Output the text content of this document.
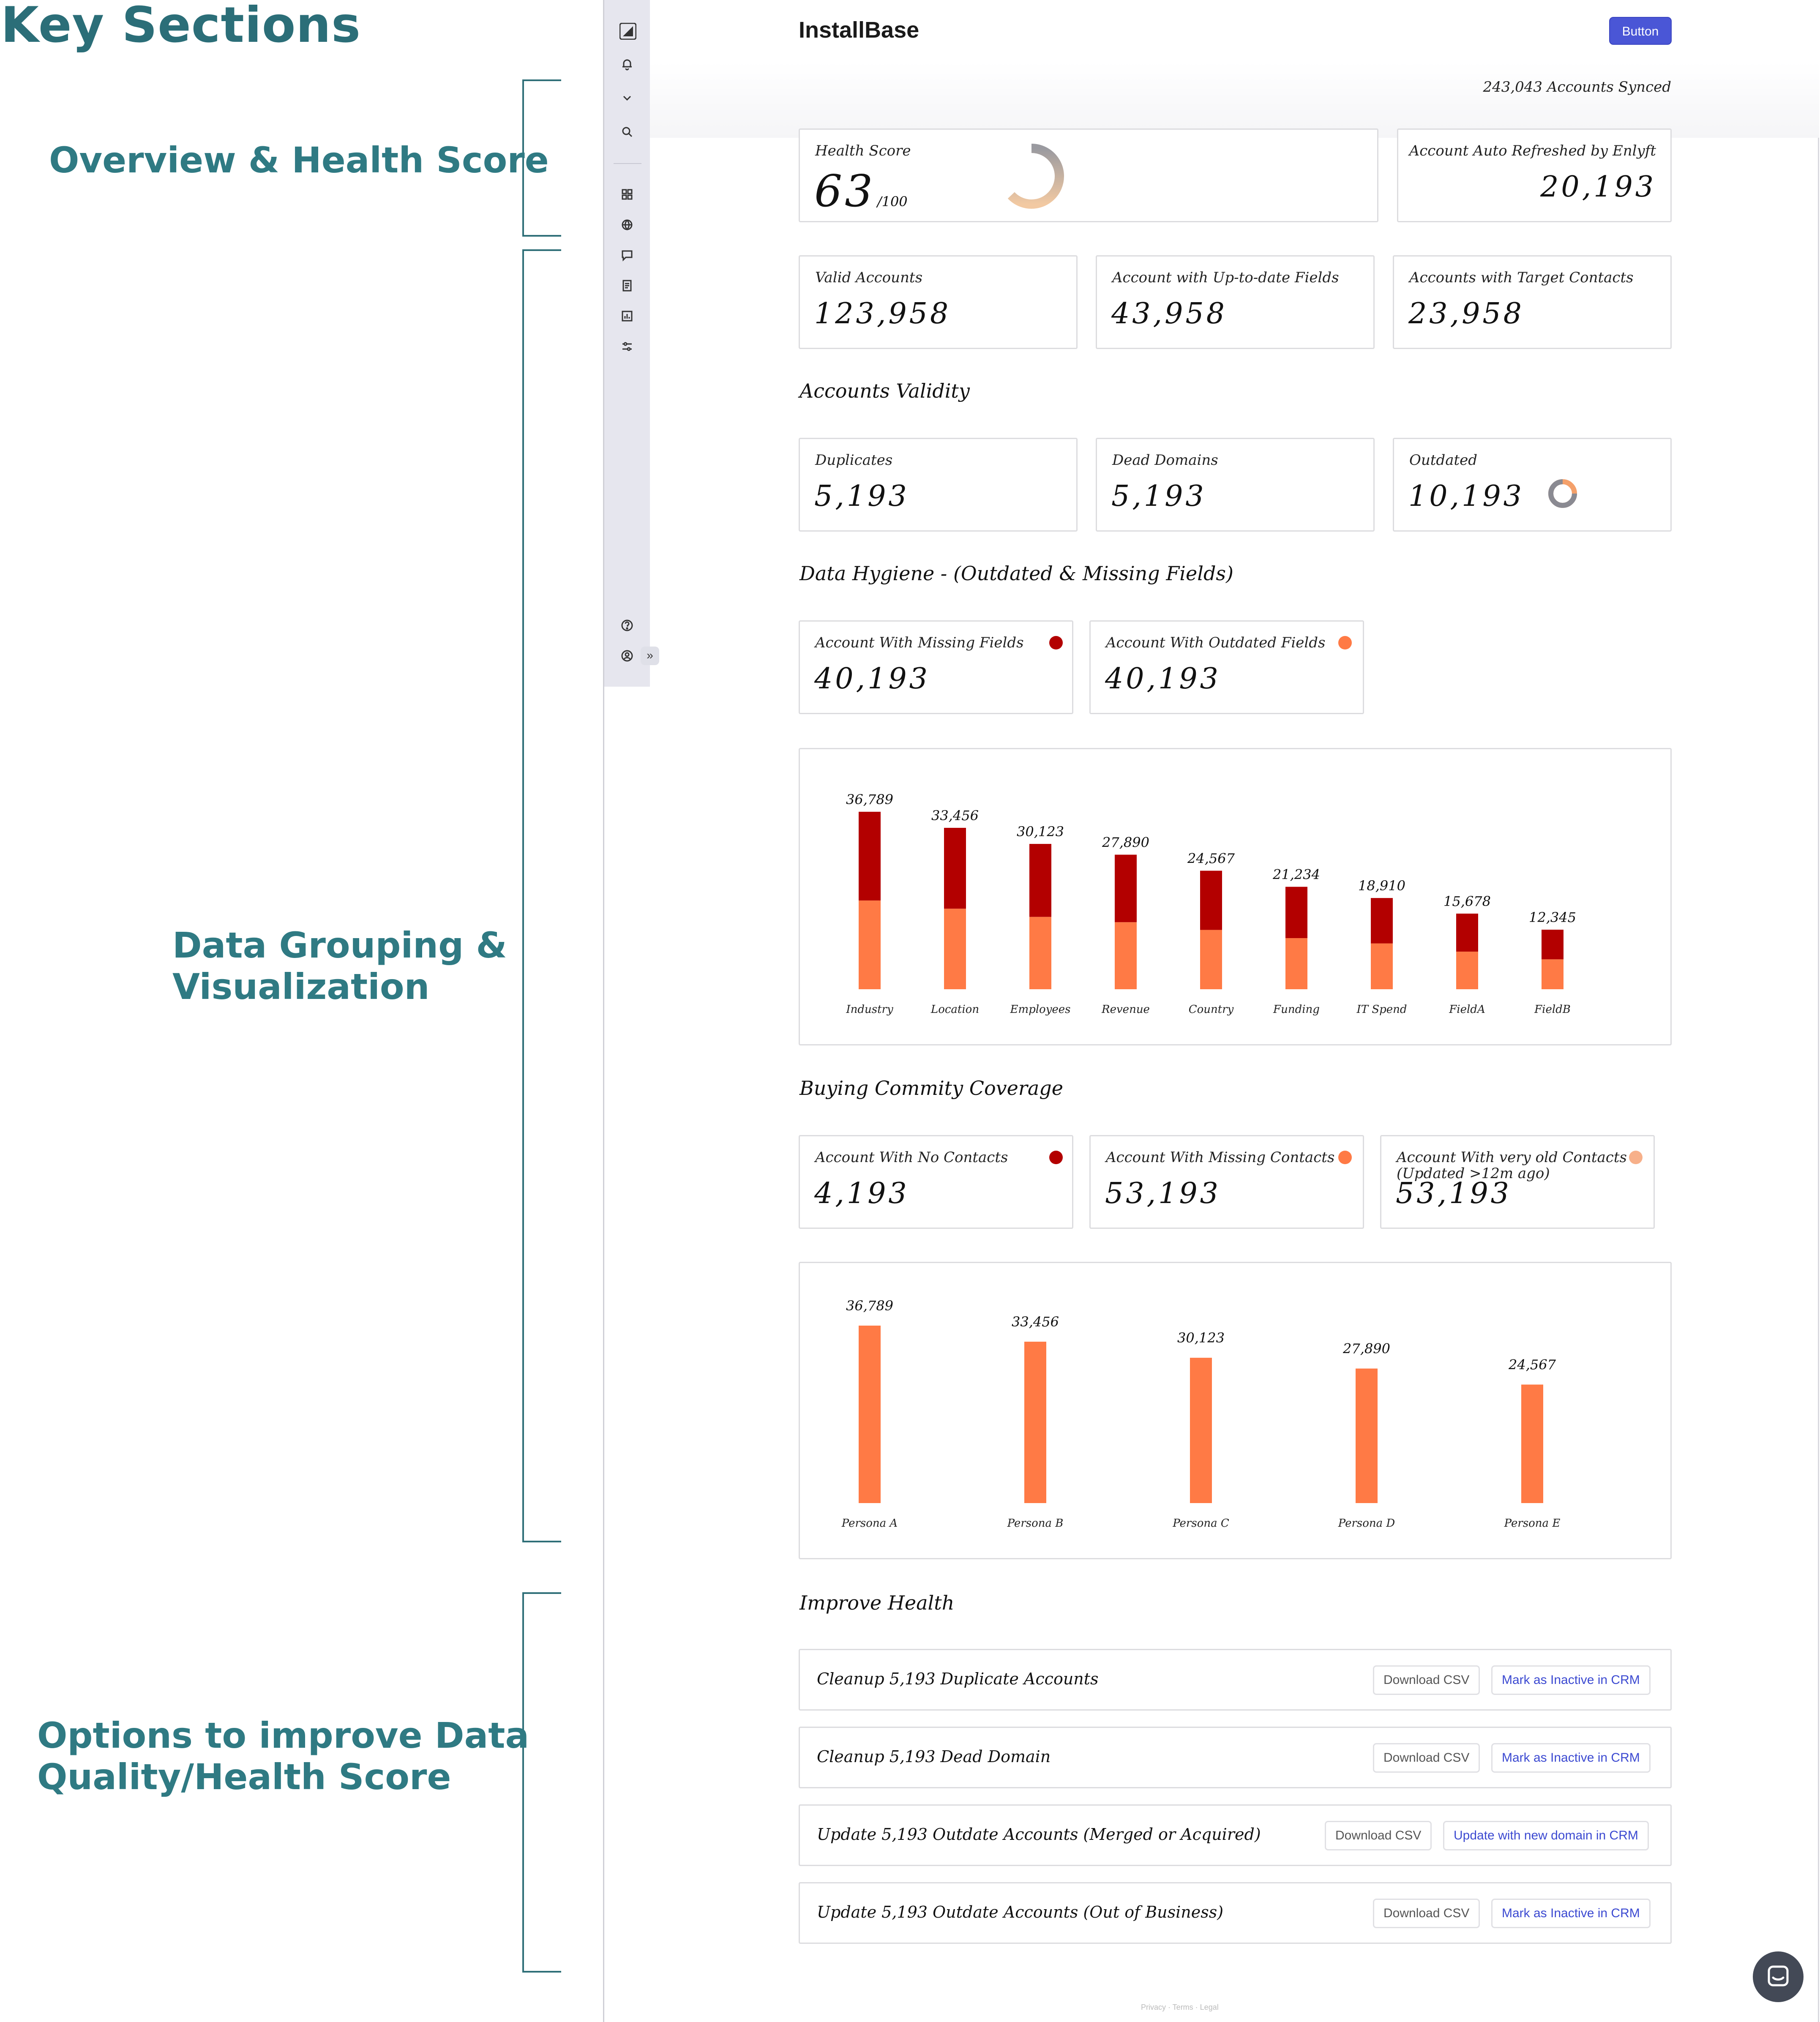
Key Sections
Overview & Health Score
Data Grouping &
Visualization
Options to improve Data
Quality/Health Score
»
InstallBase	Button
243,043 Accounts Synced
Health Score
63 /100
Account Auto Refreshed by Enlyft
20,193
Valid Accounts
123,958
Account with Up-to-date Fields
43,958
Accounts with Target Contacts
23,958
Accounts Validity
Duplicates
5,193
Dead Domains
5,193
Outdated
10,193
Data Hygiene - (Outdated & Missing Fields)
Account With Missing Fields
40,193
Account With Outdated Fields
40,193
36,789
Industry
33,456
Location
30,123
Employees
27,890
Revenue
24,567
Country
21,234
Funding
18,910
IT Spend
15,678
FieldA
12,345
FieldB
Buying Commity Coverage
Account With No Contacts
4,193
Account With Missing Contacts
53,193
Account With very old Contacts
(Updated >12m ago)
53,193
36,789
Persona A
33,456
Persona B
30,123
Persona C
27,890
Persona D
24,567
Persona E
Improve Health
Cleanup 5,193 Duplicate Accounts	Download CSV	Mark as Inactive in CRM
Cleanup 5,193 Dead Domain	Download CSV	Mark as Inactive in CRM
Update 5,193 Outdate Accounts (Merged or Acquired)	Download CSV	Update with new domain in CRM
Update 5,193 Outdate Accounts (Out of Business)	Download CSV	Mark as Inactive in CRM
Privacy · Terms · Legal
